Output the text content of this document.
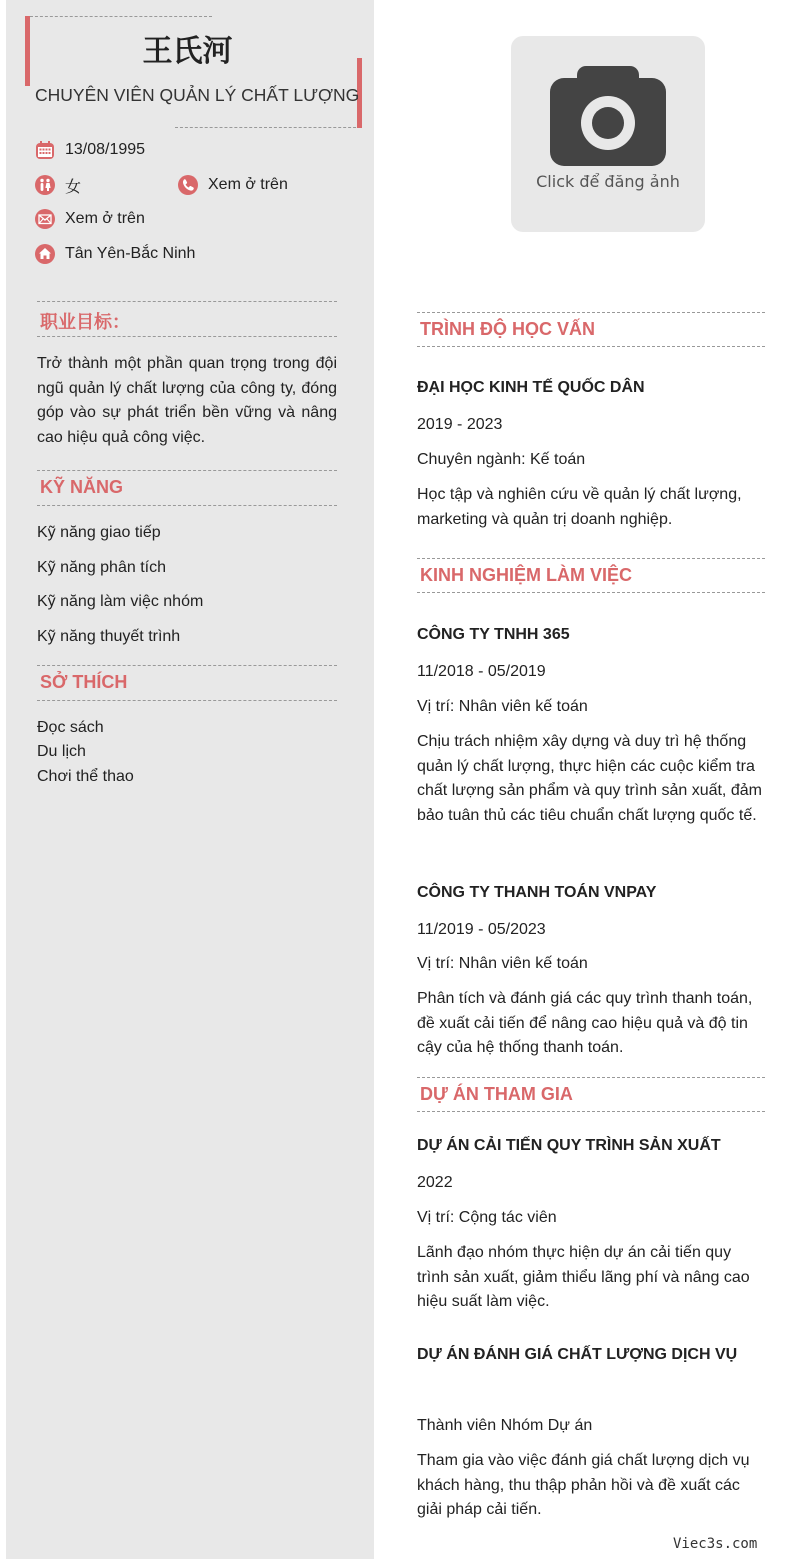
王氏河
CHUYÊN VIÊN QUẢN LÝ CHẤT LƯỢNG
13/08/1995
女	Xem ở trên
Xem ở trên
Tân Yên-Bắc Ninh
职业目标：
Trở thành một phần quan trọng trong đội ngũ quản lý chất lượng của công ty, đóng góp vào sự phát triển bền vững và nâng cao hiệu quả công việc.
KỸ NĂNG
Kỹ năng giao tiếp
Kỹ năng phân tích
Kỹ năng làm việc nhóm
Kỹ năng thuyết trình
SỞ THÍCH
Đọc sách
Du lịch
Chơi thể thao
Click để đăng ảnh
TRÌNH ĐỘ HỌC VẤN
ĐẠI HỌC KINH TẾ QUỐC DÂN
2019 - 2023
Chuyên ngành: Kế toán
Học tập và nghiên cứu về quản lý chất lượng, marketing và quản trị doanh nghiệp.
KINH NGHIỆM LÀM VIỆC
CÔNG TY TNHH 365
11/2018 - 05/2019
Vị trí: Nhân viên kế toán
Chịu trách nhiệm xây dựng và duy trì hệ thống quản lý chất lượng, thực hiện các cuộc kiểm tra chất lượng sản phẩm và quy trình sản xuất, đảm bảo tuân thủ các tiêu chuẩn chất lượng quốc tế.
CÔNG TY THANH TOÁN VNPAY
11/2019 - 05/2023
Vị trí: Nhân viên kế toán
Phân tích và đánh giá các quy trình thanh toán, đề xuất cải tiến để nâng cao hiệu quả và độ tin cậy của hệ thống thanh toán.
DỰ ÁN THAM GIA
DỰ ÁN CẢI TIẾN QUY TRÌNH SẢN XUẤT
2022
Vị trí: Cộng tác viên
Lãnh đạo nhóm thực hiện dự án cải tiến quy trình sản xuất, giảm thiểu lãng phí và nâng cao hiệu suất làm việc.
DỰ ÁN ĐÁNH GIÁ CHẤT LƯỢNG DỊCH VỤ
Thành viên Nhóm Dự án
Tham gia vào việc đánh giá chất lượng dịch vụ khách hàng, thu thập phản hồi và đề xuất các giải pháp cải tiến.
Viec3s.com
